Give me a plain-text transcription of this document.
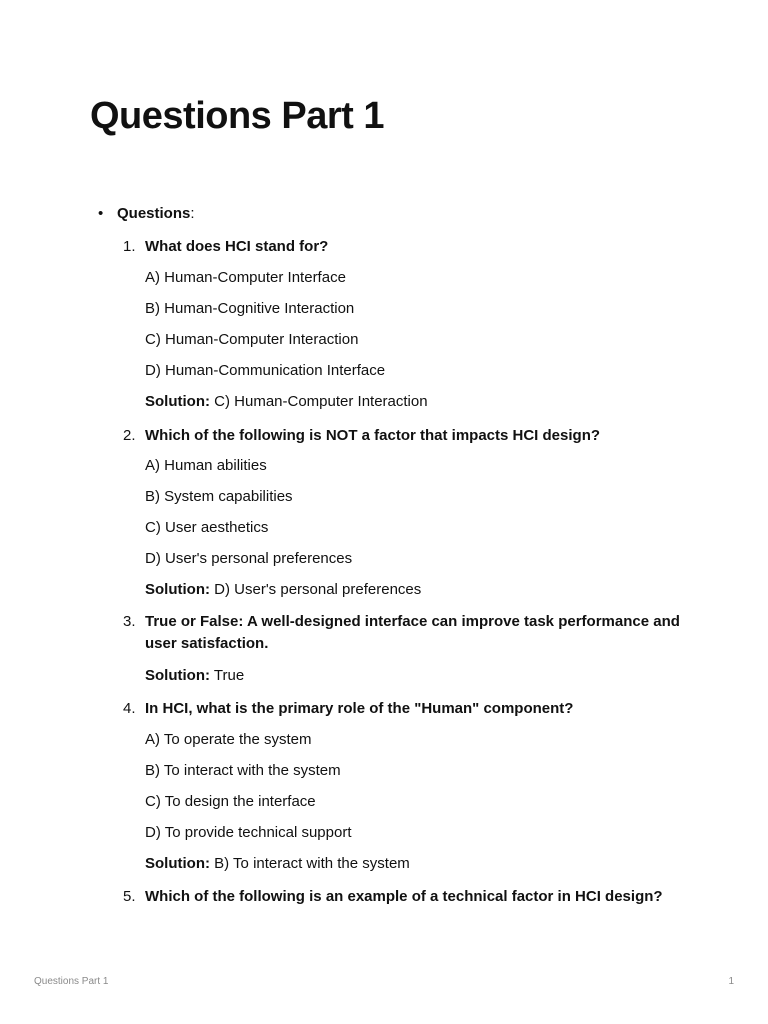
Questions Part 1
• Questions:
1. What does HCI stand for?
A) Human-Computer Interface
B) Human-Cognitive Interaction
C) Human-Computer Interaction
D) Human-Communication Interface
Solution: C) Human-Computer Interaction
2. Which of the following is NOT a factor that impacts HCI design?
A) Human abilities
B) System capabilities
C) User aesthetics
D) User's personal preferences
Solution: D) User's personal preferences
3. True or False: A well-designed interface can improve task performance and user satisfaction.
Solution: True
4. In HCI, what is the primary role of the "Human" component?
A) To operate the system
B) To interact with the system
C) To design the interface
D) To provide technical support
Solution: B) To interact with the system
5. Which of the following is an example of a technical factor in HCI design?
Questions Part 1	1
